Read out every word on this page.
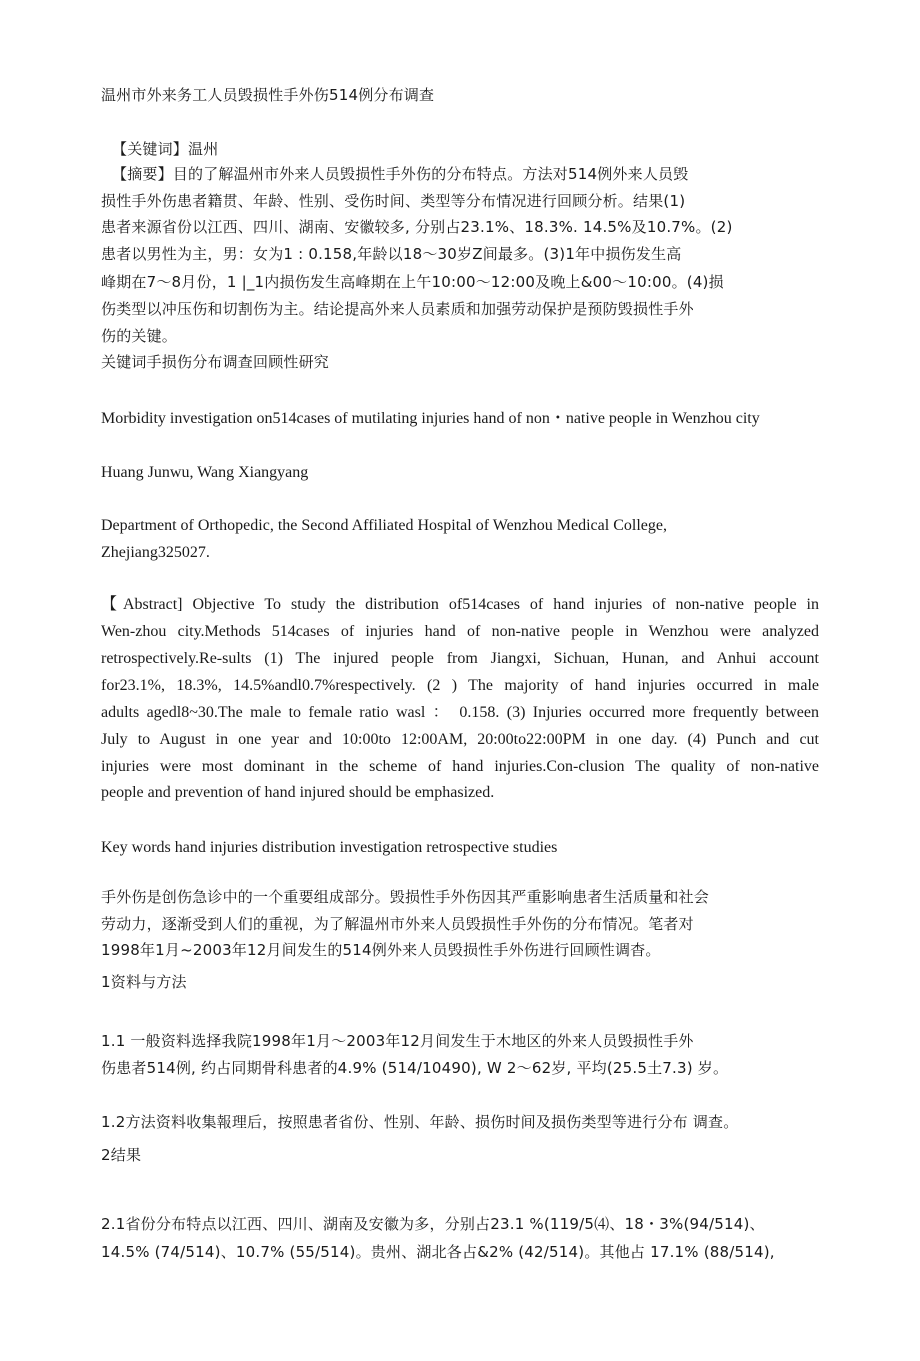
温州市外来务工人员毁损性手外伤514例分布调查
【关键词】温州
【摘要】目的了解温州市外来人员毁损性手外伤的分布特点。方法对514例外来人员毁
损性手外伤患者籍贯、年龄、性别、受伤时间、类型等分布情况进行回顾分析。结果(1)
患者来源省份以江西、四川、湖南、安徽较多, 分别占23.1%、18.3%. 14.5%及10.7%。(2)
患者以男性为主，男：女为1 : 0.158,年龄以18～30岁Z间最多。(3)1年中损伤发生高
峰期在7～8月份，1 |_1内损伤发生高峰期在上午10:00～12:00及晚上&00～10:00。(4)损
伤类型以冲压伤和切割伤为主。结论提高外来人员素质和加强劳动保护是预防毁损性手外
伤的关键。
关键词手损伤分布调查回顾性研究
Morbidity investigation on514cases of mutilating injuries hand of non・native people in Wenzhou city
Huang Junwu, Wang Xiangyang
Department of Orthopedic, the Second Affiliated Hospital of Wenzhou Medical College,
Zhejiang325027.
【Abstract] Objective To study the distribution of514cases of hand injuries of non-native people in
Wen-zhou city.Methods 514cases of injuries hand of non-native people in Wenzhou were analyzed
retrospectively.Re-sults (1) The injured people from Jiangxi, Sichuan, Hunan, and Anhui account
for23.1%, 18.3%, 14.5%andl0.7%respectively. (2 ) The majority of hand injuries occurred in male
adults agedl8~30.The male to female ratio wasl ： 0.158. (3) Injuries occurred more frequently between
July to August in one year and 10:00to 12:00AM, 20:00to22:00PM in one day. (4) Punch and cut
injuries were most dominant in the scheme of hand injuries.Con-clusion The quality of non-native
people and prevention of hand injured should be emphasized.
Key words hand injuries distribution investigation retrospective studies
手外伤是创伤急诊中的一个重要组成部分。毁损性手外伤因其严重影响患者生活质量和社会
劳动力，逐渐受到人们的重视，为了解温州市外来人员毁损性手外伤的分布情况。笔者对
1998年1月~2003年12月间发生的514例外来人员毁损性手外伤进行回顾性调杳。
1资料与方法
1.1 一般资料选择我院1998年1月～2003年12月间发生于木地区的外来人员毁损性手外
伤患者514例, 约占同期骨科患者的4.9% (514/10490), W 2～62岁, 平均(25.5土7.3) 岁。
1.2方法资料收集報理后，按照患者省份、性别、年龄、损伤时间及损伤类型等进行分布 调查。
2结果
2.1省份分布特点以江西、四川、湖南及安徽为多，分别占23.1 %(119/5⑷、18・3%(94/514)、
14.5% (74/514)、10.7% (55/514)。贵州、湖北各占&2% (42/514)。其他占 17.1% (88/514),
